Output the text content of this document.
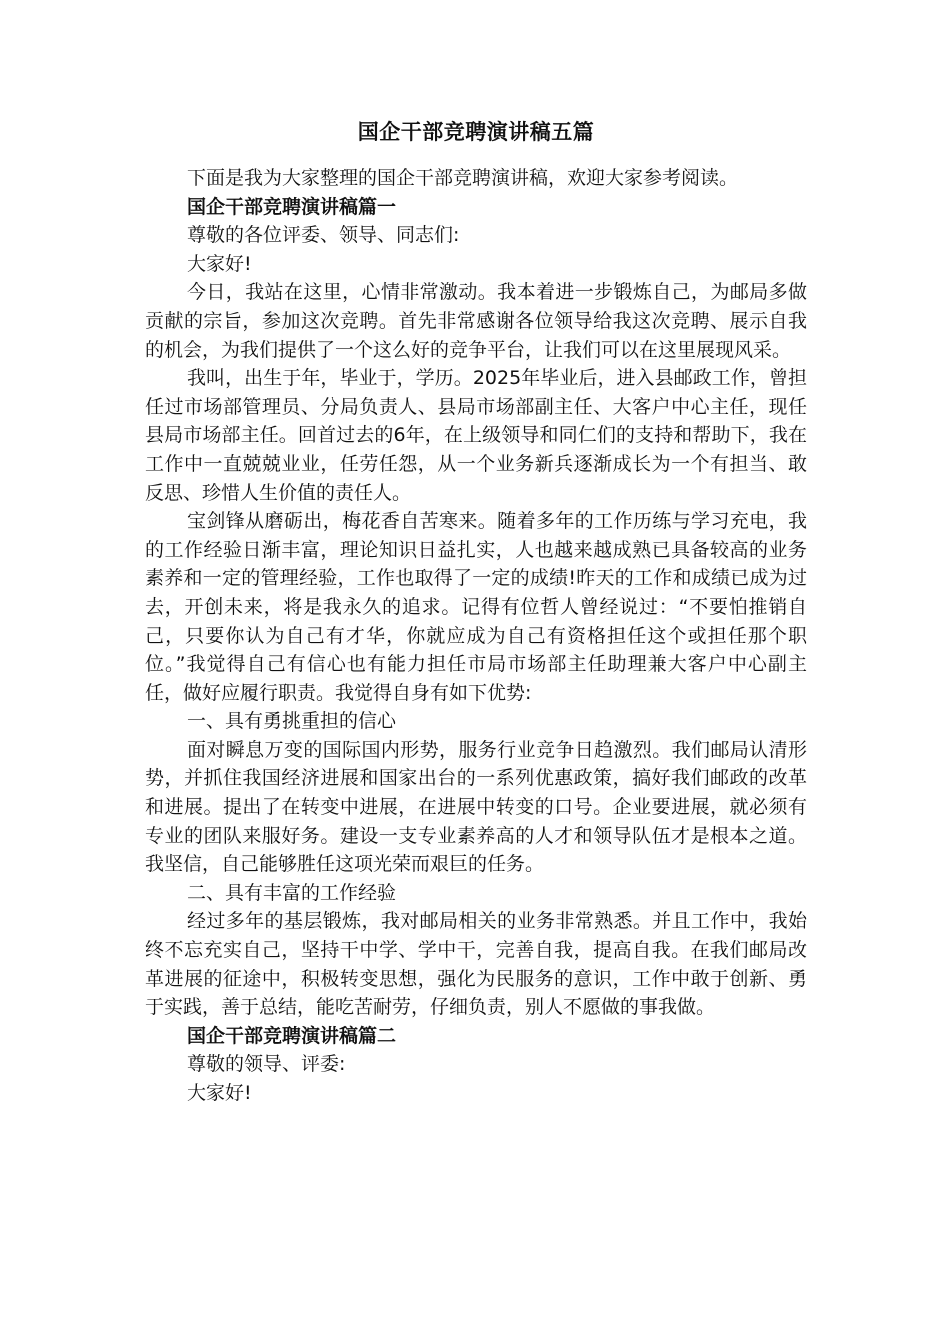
国企干部竞聘演讲稿五篇

下面是我为大家整理的国企干部竞聘演讲稿，欢迎大家参考阅读。

国企干部竞聘演讲稿篇一

尊敬的各位评委、领导、同志们:

大家好!

今日，我站在这里，心情非常激动。我本着进一步锻炼自己，为邮局多做贡献的宗旨，参加这次竞聘。首先非常感谢各位领导给我这次竞聘、展示自我的机会，为我们提供了一个这么好的竞争平台，让我们可以在这里展现风采。

我叫，出生于年，毕业于，学历。2025年毕业后，进入县邮政工作，曾担任过市场部管理员、分局负责人、县局市场部副主任、大客户中心主任，现任县局市场部主任。回首过去的6年，在上级领导和同仁们的支持和帮助下，我在工作中一直兢兢业业，任劳任怨，从一个业务新兵逐渐成长为一个有担当、敢反思、珍惜人生价值的责任人。

宝剑锋从磨砺出，梅花香自苦寒来。随着多年的工作历练与学习充电，我的工作经验日渐丰富，理论知识日益扎实，人也越来越成熟已具备较高的业务素养和一定的管理经验，工作也取得了一定的成绩!昨天的工作和成绩已成为过去，开创未来，将是我永久的追求。记得有位哲人曾经说过：“不要怕推销自己，只要你认为自己有才华，你就应成为自己有资格担任这个或担任那个职位。”我觉得自己有信心也有能力担任市局市场部主任助理兼大客户中心副主任，做好应履行职责。我觉得自身有如下优势:

一、具有勇挑重担的信心

面对瞬息万变的国际国内形势，服务行业竞争日趋激烈。我们邮局认清形势，并抓住我国经济进展和国家出台的一系列优惠政策，搞好我们邮政的改革和进展。提出了在转变中进展，在进展中转变的口号。企业要进展，就必须有专业的团队来服好务。建设一支专业素养高的人才和领导队伍才是根本之道。我坚信，自己能够胜任这项光荣而艰巨的任务。

二、具有丰富的工作经验

经过多年的基层锻炼，我对邮局相关的业务非常熟悉。并且工作中，我始终不忘充实自己，坚持干中学、学中干，完善自我，提高自我。在我们邮局改革进展的征途中，积极转变思想，强化为民服务的意识，工作中敢于创新、勇于实践，善于总结，能吃苦耐劳，仔细负责，别人不愿做的事我做。

国企干部竞聘演讲稿篇二

尊敬的领导、评委:

大家好!
